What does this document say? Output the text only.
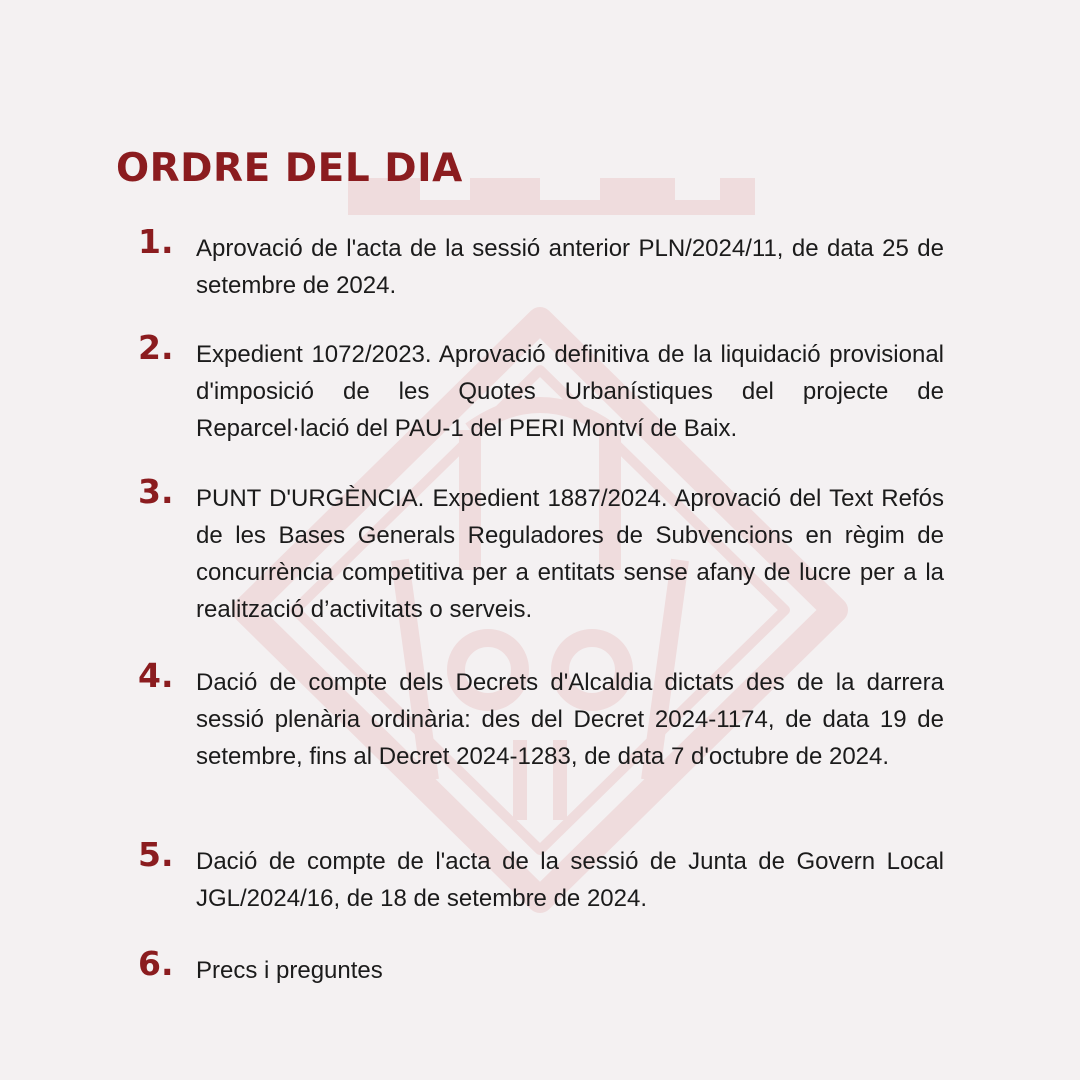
ORDRE DEL DIA
1. Aprovació de l'acta de la sessió anterior PLN/2024/11, de data 25 de setembre de 2024.
2. Expedient 1072/2023. Aprovació definitiva de la liquidació provisional d'imposició de les Quotes Urbanístiques del projecte de Reparcel·lació del PAU-1 del PERI Montví de Baix.
3. PUNT D'URGÈNCIA. Expedient 1887/2024. Aprovació del Text Refós de les Bases Generals Reguladores de Subvencions en règim de concurrència competitiva per a entitats sense afany de lucre per a la realització d’activitats o serveis.
4. Dació de compte dels Decrets d'Alcaldia dictats des de la darrera sessió plenària ordinària: des del Decret 2024-1174, de data 19 de setembre, fins al Decret 2024-1283, de data 7 d'octubre de 2024.
5. Dació de compte de l'acta de la sessió de Junta de Govern Local JGL/2024/16, de 18 de setembre de 2024.
6. Precs i preguntes
